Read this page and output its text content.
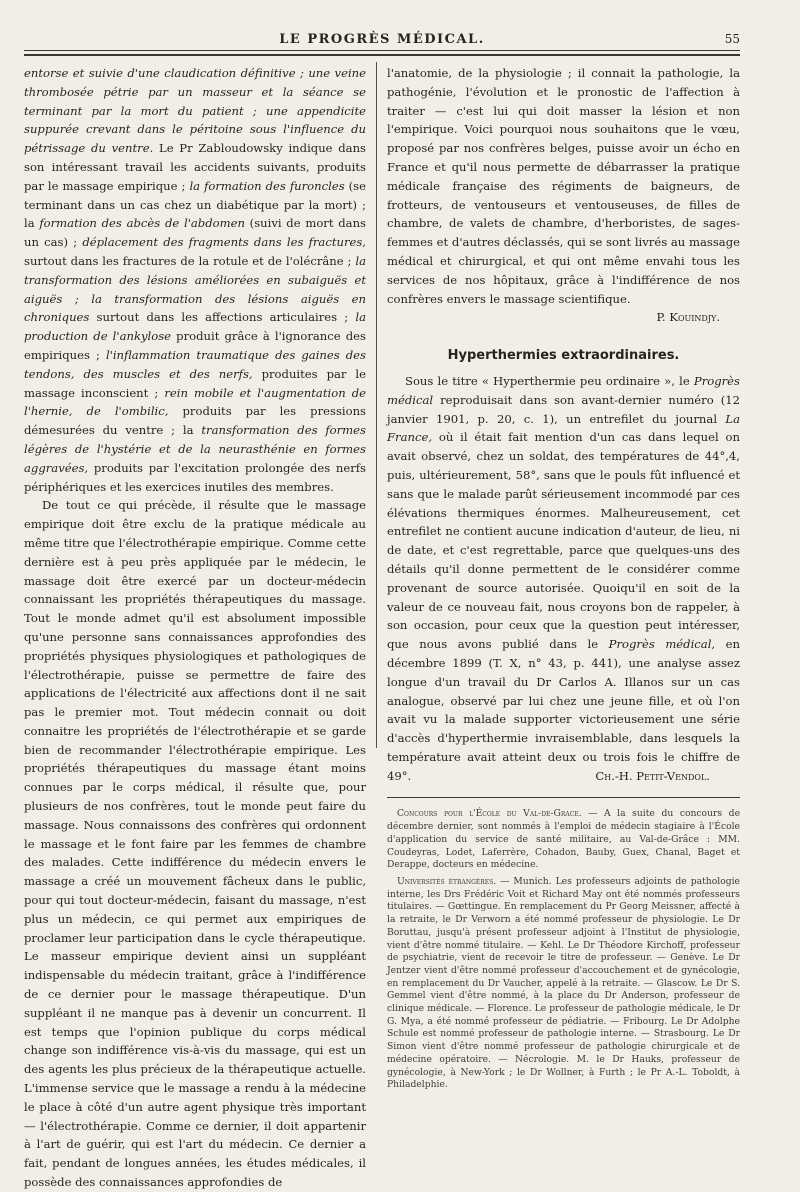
LE PROGRÈS MÉDICAL.	55

entorse et suivie d'une claudication définitive ; une veine thrombosée pétrie par un masseur et la séance se terminant par la mort du patient ; une appendicite suppurée crevant dans le péritoine sous l'influence du pétrissage du ventre. Le Pr Zabloudowsky indique dans son intéressant travail les accidents suivants, produits par le massage empirique ; la formation des furoncles (se terminant dans un cas chez un diabétique par la mort) ; la formation des abcès de l'abdomen (suivi de mort dans un cas) ; déplacement des fragments dans les fractures, surtout dans les fractures de la rotule et de l'olécrâne ; la transformation des lésions améliorées en subaiguës et aiguës ; la transformation des lésions aiguës en chroniques surtout dans les affections articulaires ; la production de l'ankylose produit grâce à l'ignorance des empiriques ; l'inflammation traumatique des gaines des tendons, des muscles et des nerfs, produites par le massage inconscient ; rein mobile et l'augmentation de l'hernie, de l'ombilic, produits par les pressions démesurées du ventre ; la transformation des formes légères de l'hystérie et de la neurasthénie en formes aggravées, produits par l'excitation prolongée des nerfs périphériques et les exercices inutiles des membres.

De tout ce qui précède, il résulte que le massage empirique doit être exclu de la pratique médicale au même titre que l'électrothérapie empirique. Comme cette dernière est à peu près appliquée par le médecin, le massage doit être exercé par un docteur-médecin connaissant les propriétés thérapeutiques du massage. Tout le monde admet qu'il est absolument impossible qu'une personne sans connaissances approfondies des propriétés physiques physiologiques et pathologiques de l'électrothérapie, puisse se permettre de faire des applications de l'électricité aux affections dont il ne sait pas le premier mot. Tout médecin connait ou doit connaitre les propriétés de l'électrothérapie et se garde bien de recommander l'électrothérapie empirique. Les propriétés thérapeutiques du massage étant moins connues par le corps médical, il résulte que, pour plusieurs de nos confrères, tout le monde peut faire du massage. Nous connaissons des confrères qui ordonnent le massage et le font faire par les femmes de chambre des malades. Cette indifférence du médecin envers le massage a créé un mouvement fâcheux dans le public, pour qui tout docteur-médecin, faisant du massage, n'est plus un médecin, ce qui permet aux empiriques de proclamer leur participation dans le cycle thérapeutique. Le masseur empirique devient ainsi un suppléant indispensable du médecin traitant, grâce à l'indifférence de ce dernier pour le massage thérapeutique. D'un suppléant il ne manque pas à devenir un concurrent. Il est temps que l'opinion publique du corps médical change son indifférence vis-à-vis du massage, qui est un des agents les plus précieux de la thérapeutique actuelle. L'immense service que le massage a rendu à la médecine le place à côté d'un autre agent physique très important — l'électrothérapie. Comme ce dernier, il doit appartenir à l'art de guérir, qui est l'art du médecin. Ce dernier a fait, pendant de longues années, les études médicales, il possède des connaissances approfondies de

l'anatomie, de la physiologie ; il connait la pathologie, la pathogénie, l'évolution et le pronostic de l'affection à traiter — c'est lui qui doit masser la lésion et non l'empirique. Voici pourquoi nous souhaitons que le vœu, proposé par nos confrères belges, puisse avoir un écho en France et qu'il nous permette de débarrasser la pratique médicale française des régiments de baigneurs, de frotteurs, de ventouseurs et ventouseuses, de filles de chambre, de valets de chambre, d'herboristes, de sages-femmes et d'autres déclassés, qui se sont livrés au massage médical et chirurgical, et qui ont même envahi tous les services de nos hôpitaux, grâce à l'indifférence de nos confrères envers le massage scientifique.

P. Kouindjy.

Hyperthermies extraordinaires.

Sous le titre « Hyperthermie peu ordinaire », le Progrès médical reproduisait dans son avant-dernier numéro (12 janvier 1901, p. 20, c. 1), un entrefilet du journal La France, où il était fait mention d'un cas dans lequel on avait observé, chez un soldat, des températures de 44°,4, puis, ultérieurement, 58°, sans que le pouls fût influencé et sans que le malade parût sérieusement incommodé par ces élévations thermiques énormes. Malheureusement, cet entrefilet ne contient aucune indication d'auteur, de lieu, ni de date, et c'est regrettable, parce que quelques-uns des détails qu'il donne permettent de le considérer comme provenant de source autorisée. Quoiqu'il en soit de la valeur de ce nouveau fait, nous croyons bon de rappeler, à son occasion, pour ceux que la question peut intéresser, que nous avons publié dans le Progrès médical, en décembre 1899 (T. X, n° 43, p. 441), une analyse assez longue d'un travail du Dr Carlos A. Illanos sur un cas analogue, observé par lui chez une jeune fille, et où l'on avait vu la malade supporter victorieusement une série d'accès d'hyperthermie invraisemblable, dans lesquels la température avait atteint deux ou trois fois le chiffre de 49°.	Ch.-H. Petit-Vendol.

Concours pour l'École du Val-de-Grace. — A la suite du concours de décembre dernier, sont nommés à l'emploi de médecin stagiaire à l'École d'application du service de santé militaire, au Val-de-Grâce : MM. Coudeyras, Lodet, Laferrère, Cohadon, Bauby, Guex, Chanal, Baget et Derappe, docteurs en médecine.

Universités étrangères. — Munich. Les professeurs adjoints de pathologie interne, les Drs Frédéric Voit et Richard May ont été nommés professeurs titulaires. — Gœttingue. En remplacement du Pr Georg Meissner, affecté à la retraite, le Dr Verworn a été nommé professeur de physiologie. Le Dr Boruttau, jusqu'à présent professeur adjoint à l'Institut de physiologie, vient d'être nommé titulaire. — Kehl. Le Dr Théodore Kirchoff, professeur de psychiatrie, vient de recevoir le titre de professeur. — Genève. Le Dr Jentzer vient d'être nommé professeur d'accouchement et de gynécologie, en remplacement du Dr Vaucher, appelé à la retraite. — Glascow. Le Dr S. Gemmel vient d'être nommé, à la place du Dr Anderson, professeur de clinique médicale. — Florence. Le professeur de pathologie médicale, le Dr G. Mya, a été nommé professeur de pédiatrie. — Fribourg. Le Dr Adolphe Schule est nommé professeur de pathologie interne. — Strasbourg. Le Dr Simon vient d'être nommé professeur de pathologie chirurgicale et de médecine opératoire. — Nécrologie. M. le Dr Hauks, professeur de gynécologie, à New-York ; le Dr Wollner, à Furth ; le Pr A.-L. Toboldt, à Philadelphie.
